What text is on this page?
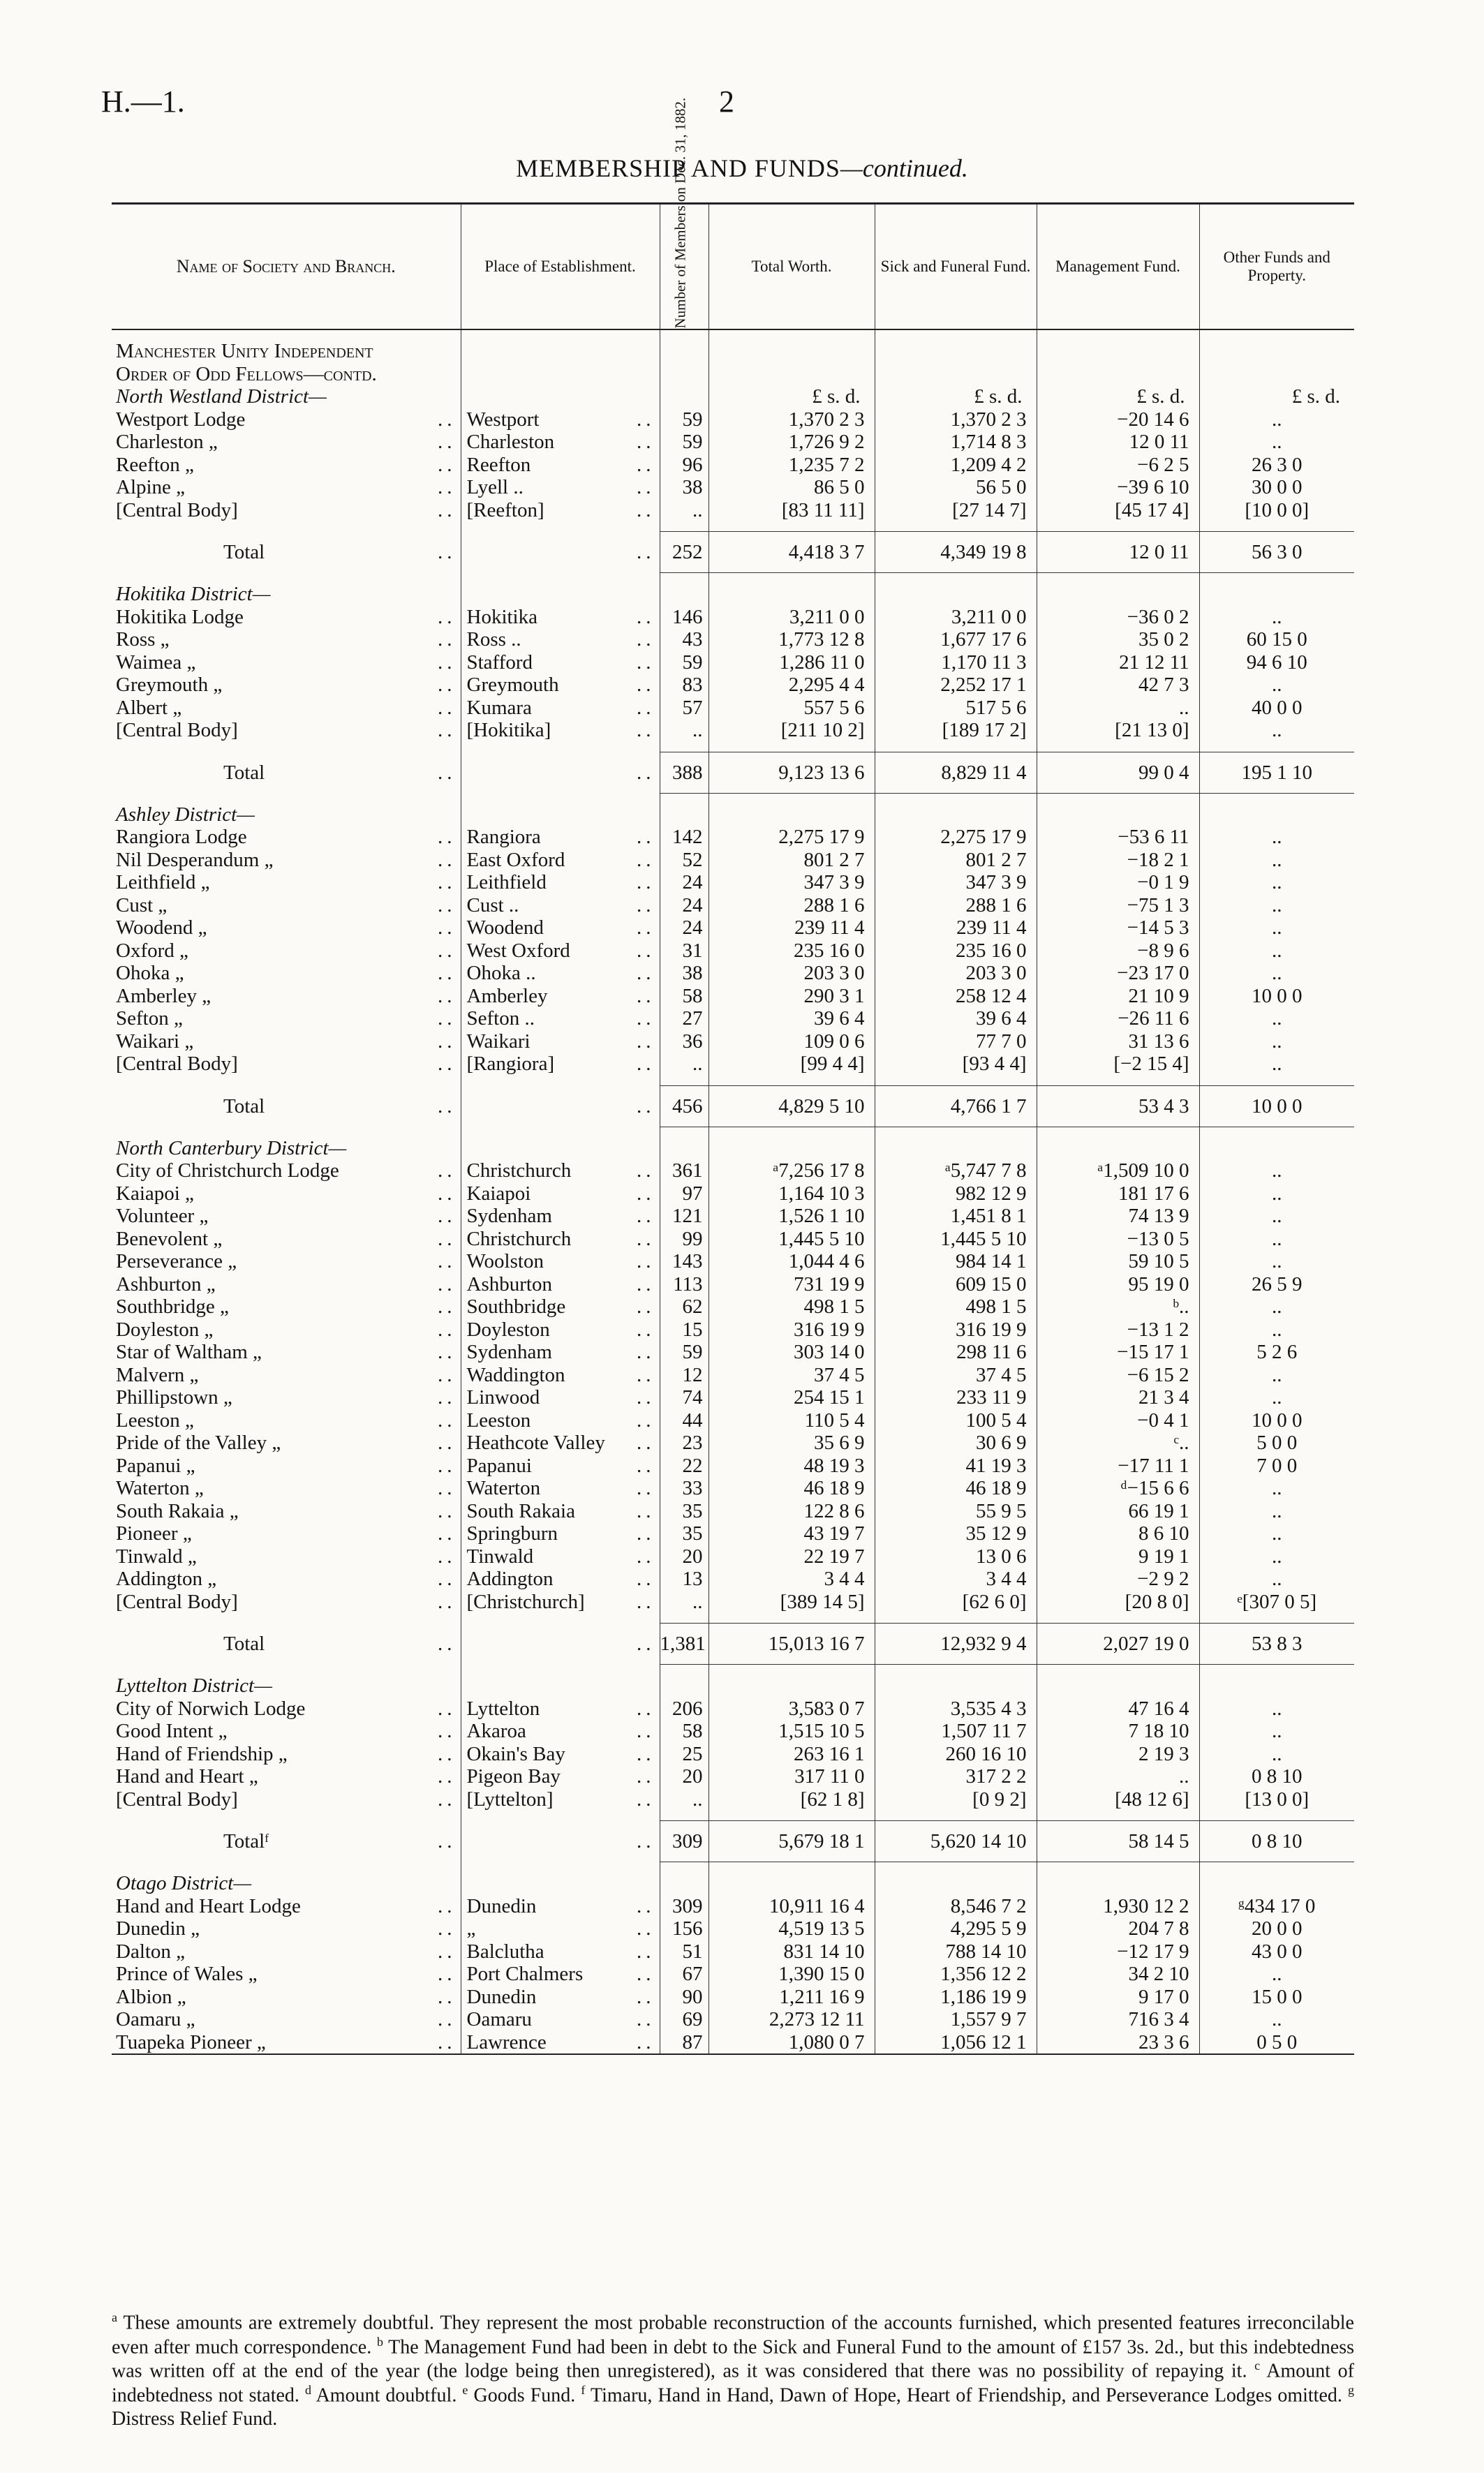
H.—1.	2
MEMBERSHIP AND FUNDS—continued.
Name of Society and Branch.	Place of Establishment.	Number of Members on Dec. 31, 1882.	Total Worth.	Sick and Funeral Fund.	Management Fund.	Other Funds and Property.

Manchester Unity Independent						
Order of Odd Fellows—contd.						
North Westland District—			£ s. d.	£ s. d.	£ s. d.	£ s. d.
Westport Lodge ..	Westport ..	59	1,370 2 3	1,370 2 3	−20 14 6	..
Charleston „ ..	Charleston ..	59	1,726 9 2	1,714 8 3	12 0 11	..
Reefton „ ..	Reefton ..	96	1,235 7 2	1,209 4 2	−6 2 5	26 3 0
Alpine „ ..	Lyell .. ..	38	86 5 0	56 5 0	−39 6 10	30 0 0
[Central Body] ..	[Reefton] ..	..	[83 11 11]	[27 14 7]	[45 17 4]	[10 0 0]

Total ..	..	252	4,418 3 7	4,349 19 8	12 0 11	56 3 0

Hokitika District—						
Hokitika Lodge ..	Hokitika ..	146	3,211 0 0	3,211 0 0	−36 0 2	..
Ross „ ..	Ross .. ..	43	1,773 12 8	1,677 17 6	35 0 2	60 15 0
Waimea „ ..	Stafford ..	59	1,286 11 0	1,170 11 3	21 12 11	94 6 10
Greymouth „ ..	Greymouth ..	83	2,295 4 4	2,252 17 1	42 7 3	..
Albert „ ..	Kumara ..	57	557 5 6	517 5 6	..	40 0 0
[Central Body] ..	[Hokitika] ..	..	[211 10 2]	[189 17 2]	[21 13 0]	..

Total ..	..	388	9,123 13 6	8,829 11 4	99 0 4	195 1 10

Ashley District—						
Rangiora Lodge ..	Rangiora ..	142	2,275 17 9	2,275 17 9	−53 6 11	..
Nil Desperandum „ ..	East Oxford ..	52	801 2 7	801 2 7	−18 2 1	..
Leithfield „ ..	Leithfield ..	24	347 3 9	347 3 9	−0 1 9	..
Cust „ ..	Cust .. ..	24	288 1 6	288 1 6	−75 1 3	..
Woodend „ ..	Woodend ..	24	239 11 4	239 11 4	−14 5 3	..
Oxford „ ..	West Oxford ..	31	235 16 0	235 16 0	−8 9 6	..
Ohoka „ ..	Ohoka .. ..	38	203 3 0	203 3 0	−23 17 0	..
Amberley „ ..	Amberley ..	58	290 3 1	258 12 4	21 10 9	10 0 0
Sefton „ ..	Sefton .. ..	27	39 6 4	39 6 4	−26 11 6	..
Waikari „ ..	Waikari ..	36	109 0 6	77 7 0	31 13 6	..
[Central Body] ..	[Rangiora] ..	..	[99 4 4]	[93 4 4]	[−2 15 4]	..

Total ..	..	456	4,829 5 10	4,766 1 7	53 4 3	10 0 0

North Canterbury District—						
City of Christchurch Lodge ..	Christchurch ..	361	ᵃ7,256 17 8	ᵃ5,747 7 8	ᵃ1,509 10 0	..
Kaiapoi „ ..	Kaiapoi ..	97	1,164 10 3	982 12 9	181 17 6	..
Volunteer „ ..	Sydenham ..	121	1,526 1 10	1,451 8 1	74 13 9	..
Benevolent „ ..	Christchurch ..	99	1,445 5 10	1,445 5 10	−13 0 5	..
Perseverance „ ..	Woolston ..	143	1,044 4 6	984 14 1	59 10 5	..
Ashburton „ ..	Ashburton ..	113	731 19 9	609 15 0	95 19 0	26 5 9
Southbridge „ ..	Southbridge ..	62	498 1 5	498 1 5	ᵇ..	..
Doyleston „ ..	Doyleston ..	15	316 19 9	316 19 9	−13 1 2	..
Star of Waltham „ ..	Sydenham ..	59	303 14 0	298 11 6	−15 17 1	5 2 6
Malvern „ ..	Waddington ..	12	37 4 5	37 4 5	−6 15 2	..
Phillipstown „ ..	Linwood ..	74	254 15 1	233 11 9	21 3 4	..
Leeston „ ..	Leeston ..	44	110 5 4	100 5 4	−0 4 1	10 0 0
Pride of the Valley „ ..	Heathcote Valley ..	23	35 6 9	30 6 9	ᶜ..	5 0 0
Papanui „ ..	Papanui ..	22	48 19 3	41 19 3	−17 11 1	7 0 0
Waterton „ ..	Waterton ..	33	46 18 9	46 18 9	ᵈ−15 6 6	..
South Rakaia „ ..	South Rakaia ..	35	122 8 6	55 9 5	66 19 1	..
Pioneer „ ..	Springburn ..	35	43 19 7	35 12 9	8 6 10	..
Tinwald „ ..	Tinwald ..	20	22 19 7	13 0 6	9 19 1	..
Addington „ ..	Addington ..	13	3 4 4	3 4 4	−2 9 2	..
[Central Body] ..	[Christchurch] ..	..	[389 14 5]	[62 6 0]	[20 8 0]	ᵉ[307 0 5]

Total ..	..	1,381	15,013 16 7	12,932 9 4	2,027 19 0	53 8 3

Lyttelton District—						
City of Norwich Lodge ..	Lyttelton ..	206	3,583 0 7	3,535 4 3	47 16 4	..
Good Intent „ ..	Akaroa ..	58	1,515 10 5	1,507 11 7	7 18 10	..
Hand of Friendship „ ..	Okain's Bay ..	25	263 16 1	260 16 10	2 19 3	..
Hand and Heart „ ..	Pigeon Bay ..	20	317 11 0	317 2 2	..	0 8 10
[Central Body] ..	[Lyttelton] ..	..	[62 1 8]	[0 9 2]	[48 12 6]	[13 0 0]

Totalᶠ ..	..	309	5,679 18 1	5,620 14 10	58 14 5	0 8 10

Otago District—						
Hand and Heart Lodge ..	Dunedin ..	309	10,911 16 4	8,546 7 2	1,930 12 2	ᵍ434 17 0
Dunedin „ ..	„ ..	156	4,519 13 5	4,295 5 9	204 7 8	20 0 0
Dalton „ ..	Balclutha ..	51	831 14 10	788 14 10	−12 17 9	43 0 0
Prince of Wales „ ..	Port Chalmers ..	67	1,390 15 0	1,356 12 2	34 2 10	..
Albion „ ..	Dunedin ..	90	1,211 16 9	1,186 19 9	9 17 0	15 0 0
Oamaru „ ..	Oamaru ..	69	2,273 12 11	1,557 9 7	716 3 4	..
Tuapeka Pioneer „ ..	Lawrence ..	87	1,080 0 7	1,056 12 1	23 3 6	0 5 0
$^a$ These amounts are extremely doubtful. They represent the most probable reconstruction of the accounts furnished, which presented features irreconcilable even after much correspondence. $^b$ The Management Fund had been in debt to the Sick and Funeral Fund to the amount of £157 3s. 2d., but this indebtedness was written off at the end of the year (the lodge being then unregistered), as it was considered that there was no possibility of repaying it. $^c$ Amount of indebtedness not stated. $^d$ Amount doubtful. $^e$ Goods Fund. $^f$ Timaru, Hand in Hand, Dawn of Hope, Heart of Friendship, and Perseverance Lodges omitted. $^g$ Distress Relief Fund.
